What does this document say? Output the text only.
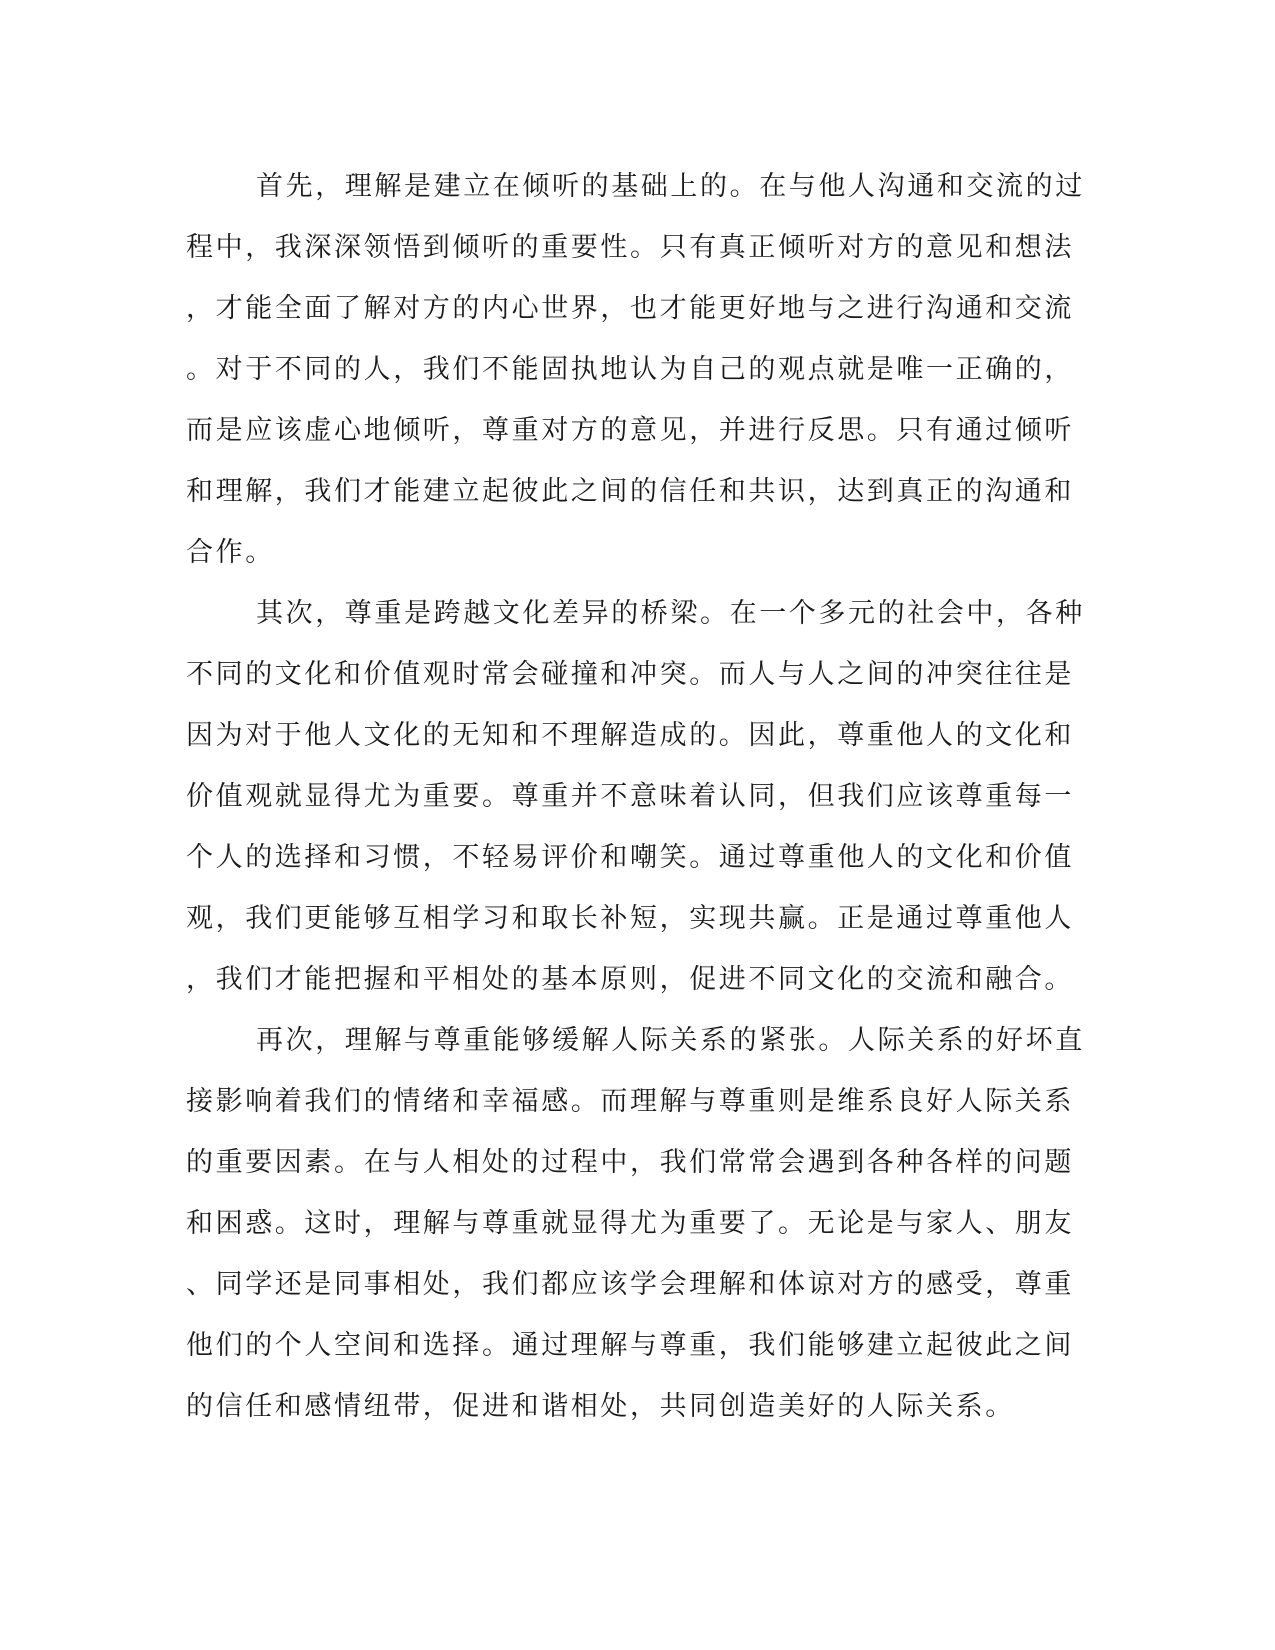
首先，理解是建立在倾听的基础上的。在与他人沟通和交流的过

程中，我深深领悟到倾听的重要性。只有真正倾听对方的意见和想法

，才能全面了解对方的内心世界，也才能更好地与之进行沟通和交流

。对于不同的人，我们不能固执地认为自己的观点就是唯一正确的，

而是应该虚心地倾听，尊重对方的意见，并进行反思。只有通过倾听

和理解，我们才能建立起彼此之间的信任和共识，达到真正的沟通和

合作。

其次，尊重是跨越文化差异的桥梁。在一个多元的社会中，各种

不同的文化和价值观时常会碰撞和冲突。而人与人之间的冲突往往是

因为对于他人文化的无知和不理解造成的。因此，尊重他人的文化和

价值观就显得尤为重要。尊重并不意味着认同，但我们应该尊重每一

个人的选择和习惯，不轻易评价和嘲笑。通过尊重他人的文化和价值

观，我们更能够互相学习和取长补短，实现共赢。正是通过尊重他人

，我们才能把握和平相处的基本原则，促进不同文化的交流和融合。

再次，理解与尊重能够缓解人际关系的紧张。人际关系的好坏直

接影响着我们的情绪和幸福感。而理解与尊重则是维系良好人际关系

的重要因素。在与人相处的过程中，我们常常会遇到各种各样的问题

和困惑。这时，理解与尊重就显得尤为重要了。无论是与家人、朋友

、同学还是同事相处，我们都应该学会理解和体谅对方的感受，尊重

他们的个人空间和选择。通过理解与尊重，我们能够建立起彼此之间

的信任和感情纽带，促进和谐相处，共同创造美好的人际关系。
